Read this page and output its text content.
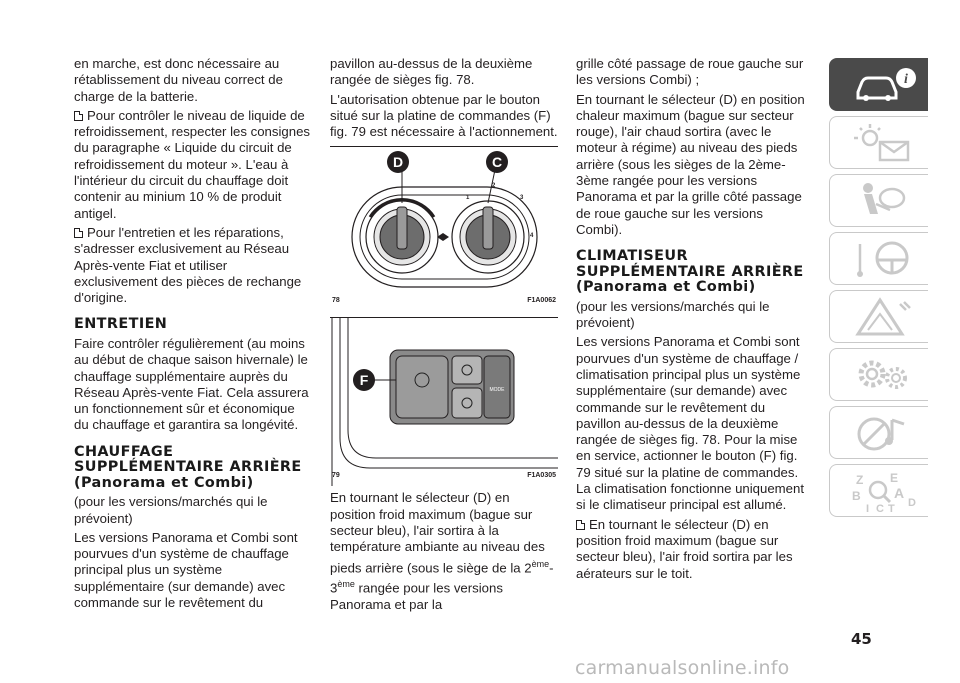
en marche, est donc nécessaire au rétablissement du niveau correct de charge de la batterie.

Pour contrôler le niveau de liquide de refroidissement, respecter les consignes du paragraphe « Liquide du circuit de refroidissement du moteur ». L'eau à l'intérieur du circuit du chauffage doit contenir au minium 10 % de produit antigel.

Pour l'entretien et les réparations, s'adresser exclusivement au Réseau Après-vente Fiat et utiliser exclusivement des pièces de rechange d'origine.

ENTRETIEN

Faire contrôler régulièrement (au moins au début de chaque saison hivernale) le chauffage supplémentaire auprès du Réseau Après-vente Fiat. Cela assurera un fonctionnement sûr et économique du chauffage et garantira sa longévité.

CHAUFFAGE SUPPLÉMENTAIRE ARRIÈRE (Panorama et Combi)

(pour les versions/marchés qui le prévoient)

Les versions Panorama et Combi sont pourvues d'un système de chauffage principal plus un système supplémentaire (sur demande) avec commande sur le revêtement du

pavillon au-dessus de la deuxième rangée de sièges fig. 78.

L'autorisation obtenue par le bouton situé sur la platine de commandes (F) fig. 79 est nécessaire à l'actionnement.

D	C
1
2
3
4
78	F1A0062
MODE
F
79	F1A0305

En tournant le sélecteur (D) en position froid maximum (bague sur secteur bleu), l'air sortira à la température ambiante au niveau des pieds arrière (sous le siège de la 2ème-3ème rangée pour les versions Panorama et par la

grille côté passage de roue gauche sur les versions Combi) ;

En tournant le sélecteur (D) en position chaleur maximum (bague sur secteur rouge), l'air chaud sortira (avec le moteur à régime) au niveau des pieds arrière (sous les sièges de la 2ème-3ème rangée pour les versions Panorama et par la grille côté passage de roue gauche sur les versions Combi).

CLIMATISEUR SUPPLÉMENTAIRE ARRIÈRE (Panorama et Combi)

(pour les versions/marchés qui le prévoient)

Les versions Panorama et Combi sont pourvues d'un système de chauffage / climatisation principal plus un système supplémentaire (sur demande) avec commande sur le revêtement du pavillon au-dessus de la deuxième rangée de sièges fig. 78. Pour la mise en service, actionner le bouton (F) fig. 79 situé sur la platine de commandes. La climatisation fonctionne uniquement si le climatiseur principal est allumé.

En tournant le sélecteur (D) en position froid maximum (bague sur secteur bleu), l'air froid sortira par les aérateurs sur le toit.

i
Z E
B A
D
I C T
45
carmanualsonline.info
